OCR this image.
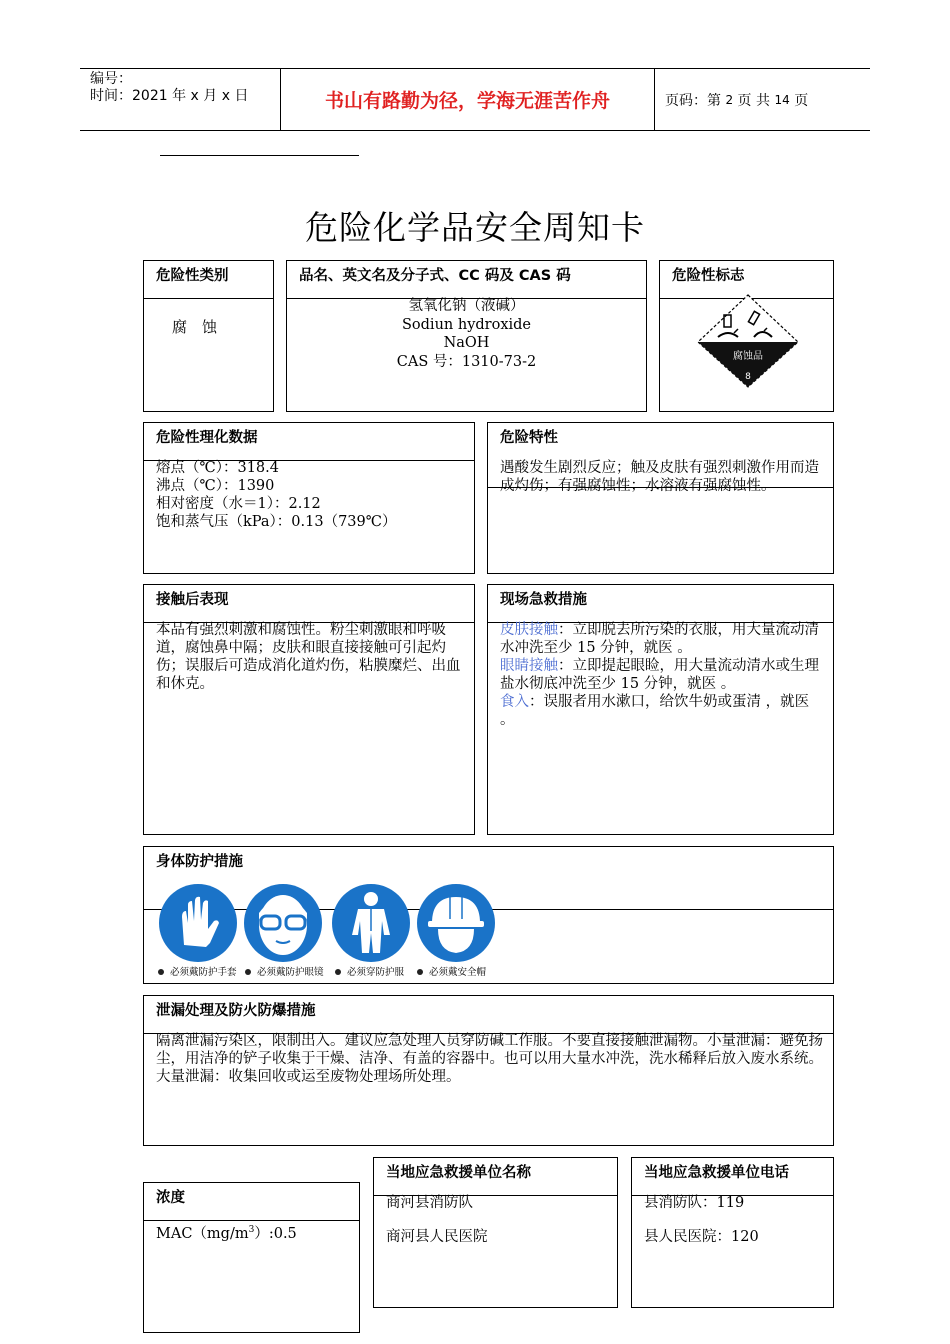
编号：
时间：2021 年 x 月 x 日	书山有路勤为径，学海无涯苦作舟	页码：第
2
页 共
14
页
危险化学品安全周知卡
危险性类别
腐　蚀
品名、英文名及分子式、CC 码及 CAS 码
氢氧化钠（液碱）
Sodiun hydroxide
NaOH
CAS 号：1310-73-2
危险性标志
腐蚀品
8
危险性理化数据
熔点（℃）：318.4
沸点（℃）：1390
相对密度（水＝1）：2.12
饱和蒸气压（kPa）：0.13（739℃）
危险特性
遇酸发生剧烈反应；触及皮肤有强烈刺激作用而造成灼伤；有强腐蚀性；水溶液有强腐蚀性。
接触后表现
本品有强烈刺激和腐蚀性。粉尘刺激眼和呼吸道，腐蚀鼻中隔；皮肤和眼直接接触可引起灼伤；误服后可造成消化道灼伤，粘膜糜烂、出血和休克。
现场急救措施
皮肤接触：立即脱去所污染的衣服，用大量流动清水冲洗至少 15 分钟，就医 。
眼睛接触：立即提起眼睑，用大量流动清水或生理盐水彻底冲洗至少 15 分钟，就医 。
食入：误服者用水漱口，给饮牛奶或蛋清 ，就医 。
身体防护措施
必须戴防护手套 必须戴防护眼镜 必须穿防护服	必须戴安全帽
泄漏处理及防火防爆措施
隔离泄漏污染区，限制出入。建议应急处理人员穿防碱工作服。不要直接接触泄漏物。小量泄漏：避免扬尘，用洁净的铲子收集于干燥、洁净、有盖的容器中。也可以用大量水冲洗，洗水稀释后放入废水系统。大量泄漏：收集回收或运至废物处理场所处理。
浓度
$MAC(mg/m^3):0.5$
当地应急救援单位名称
商河县消防队
商河县人民医院
当地应急救援单位电话
县消防队：119
县人民医院：120
